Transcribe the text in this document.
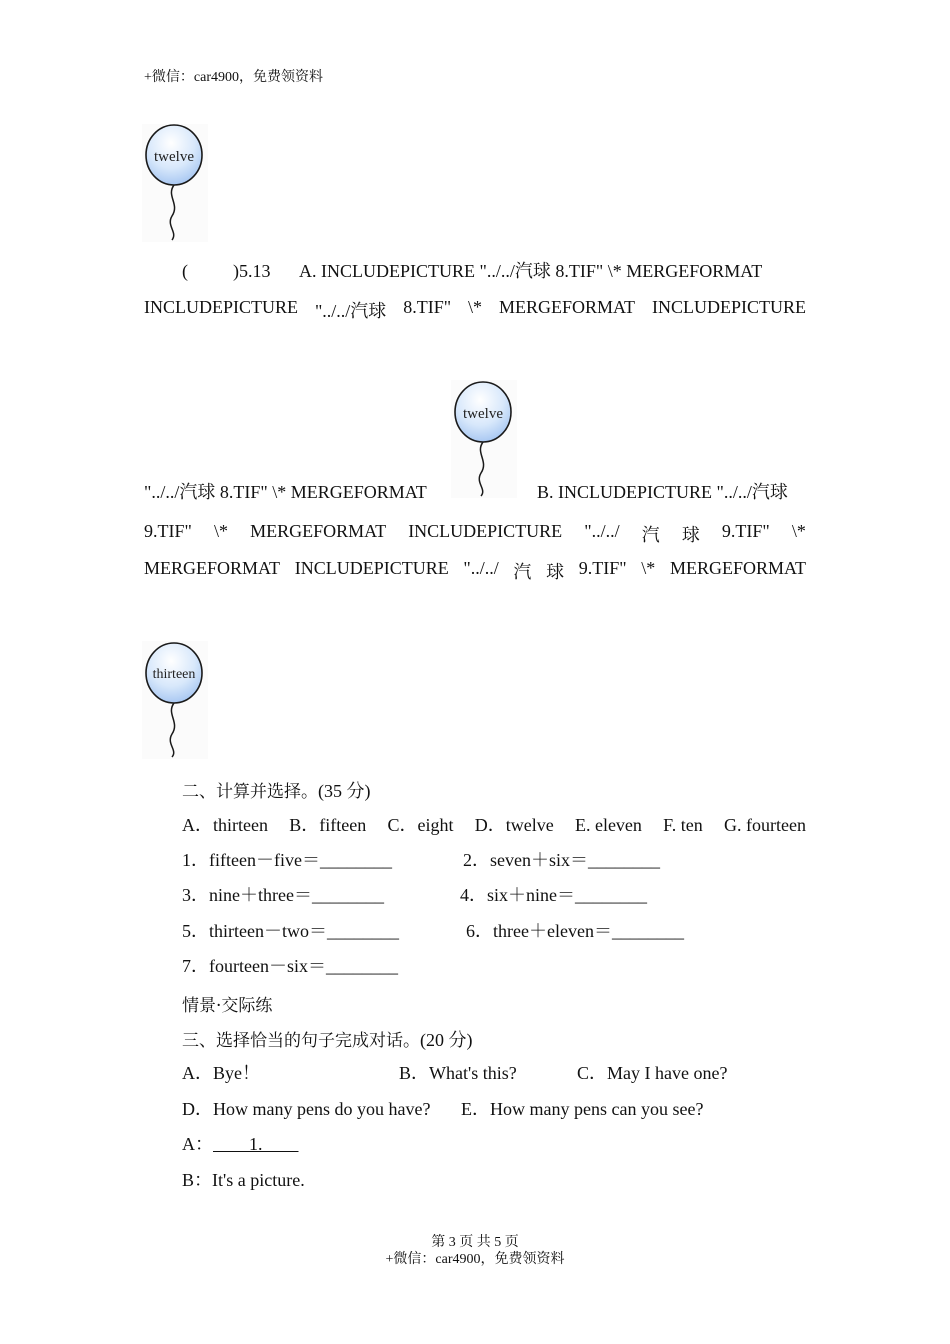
+微信：car4900，免费领资料
twelve
(	)5.13 A. INCLUDEPICTURE "../../汽球 8.TIF" \* MERGEFORMAT
INCLUDEPICTURE "../../汽球 8.TIF" \* MERGEFORMAT INCLUDEPICTURE
twelve
"../../汽球 8.TIF" \* MERGEFORMAT	B. INCLUDEPICTURE "../../汽球
9.TIF" \* MERGEFORMAT INCLUDEPICTURE "../../ 汽 球 9.TIF" \*
MERGEFORMAT INCLUDEPICTURE "../../ 汽 球 9.TIF" \* MERGEFORMAT
thirteen
二、计算并选择。(35 分)
A．thirteen B．fifteen C．eight D．twelve E. eleven F. ten G. fourteen
1．fifteen－five＝________	2．seven＋six＝________
3．nine＋three＝________	4．six＋nine＝________
5．thirteen－two＝________	6．three＋eleven＝________
7．fourteen－six＝________
情景·交际练
三、选择恰当的句子完成对话。(20 分)
A．Bye！	B．What's this?	C．May I have one?
D．How many pens do you have? E．How many pens can you see?
A： 1.
B：It's a picture.
第 3 页 共 5 页
+微信：car4900，免费领资料
